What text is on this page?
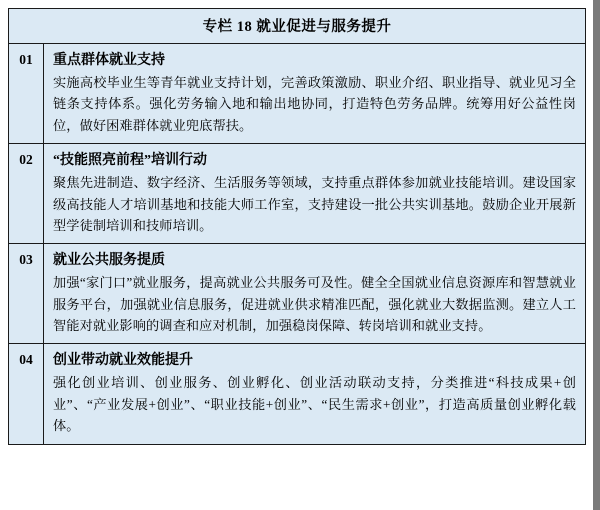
专栏 18 就业促进与服务提升
01	重点群体就业支持
实施高校毕业生等青年就业支持计划，完善政策激励、职业介绍、职业指导、就业见习全链条支持体系。强化劳务输入地和输出地协同，打造特色劳务品牌。统筹用好公益性岗位，做好困难群体就业兜底帮扶。
02	“技能照亮前程”培训行动
聚焦先进制造、数字经济、生活服务等领域，支持重点群体参加就业技能培训。建设国家级高技能人才培训基地和技能大师工作室，支持建设一批公共实训基地。鼓励企业开展新型学徒制培训和技师培训。
03	就业公共服务提质
加强“家门口”就业服务，提高就业公共服务可及性。健全全国就业信息资源库和智慧就业服务平台，加强就业信息服务，促进就业供求精准匹配，强化就业大数据监测。建立人工智能对就业影响的调查和应对机制，加强稳岗保障、转岗培训和就业支持。
04	创业带动就业效能提升
强化创业培训、创业服务、创业孵化、创业活动联动支持，分类推进“科技成果+创业”、“产业发展+创业”、“职业技能+创业”、“民生需求+创业”，打造高质量创业孵化载体。
